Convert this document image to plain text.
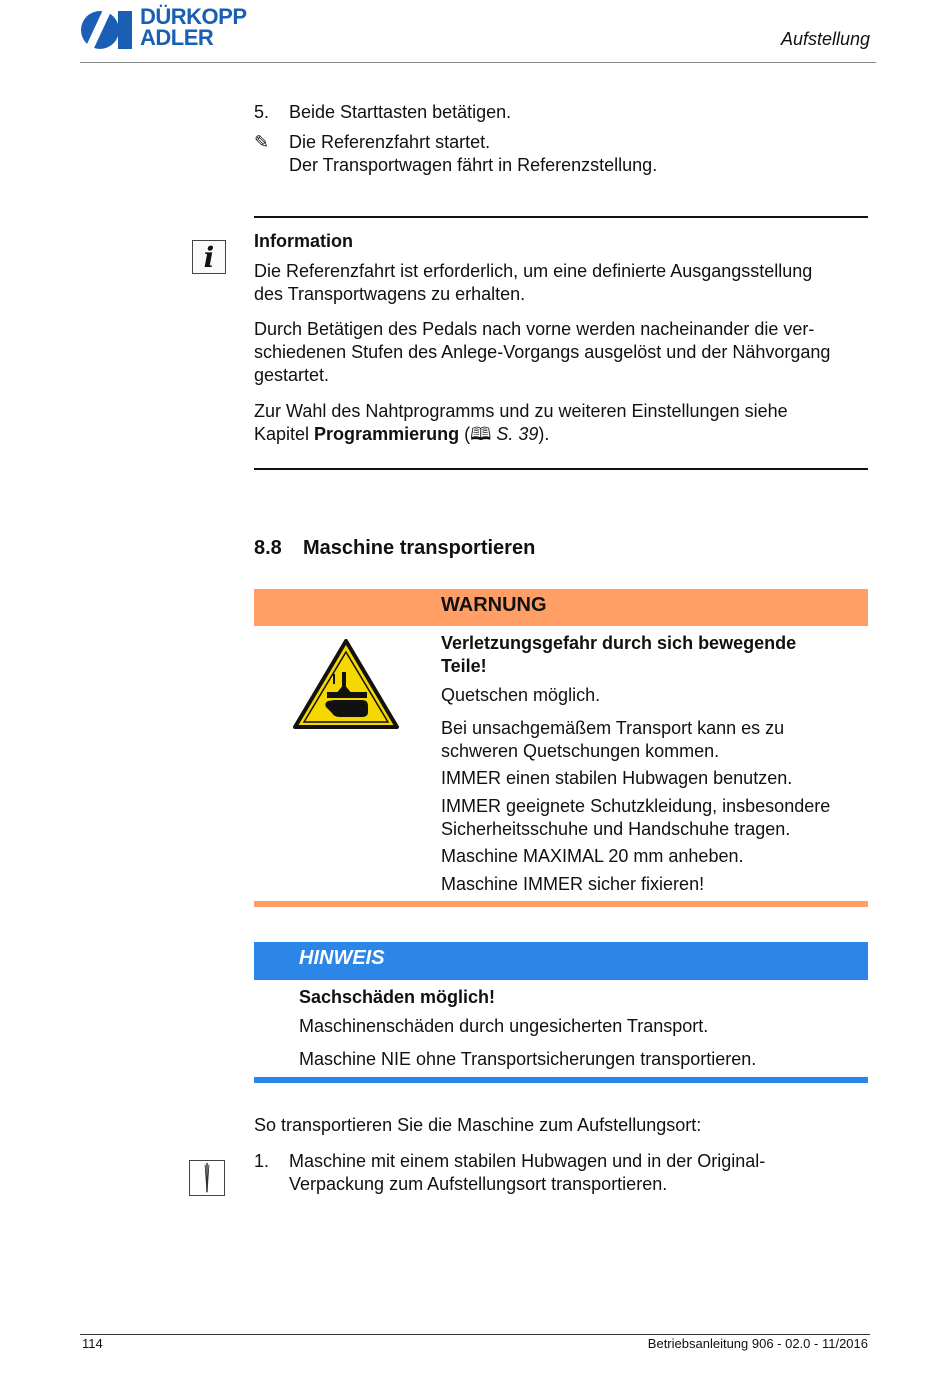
DÜRKOPP
ADLER	Aufstellung
5. Beide Starttasten betätigen.
✎ Die Referenzfahrt startet.
Der Transportwagen fährt in Referenzstellung.
i	Information
Die Referenzfahrt ist erforderlich, um eine definierte Ausgangsstellung
des Transportwagens zu erhalten.
Durch Betätigen des Pedals nach vorne werden nacheinander die ver-
schiedenen Stufen des Anlege-Vorgangs ausgelöst und der Nähvorgang
gestartet.
Zur Wahl des Nahtprogramms und zu weiteren Einstellungen siehe
Kapitel Programmierung (🕮 S. 39).
8.8 Maschine transportieren
WARNUNG
Verletzungsgefahr durch sich bewegende
Teile!
Quetschen möglich.
Bei unsachgemäßem Transport kann es zu
schweren Quetschungen kommen.
IMMER einen stabilen Hubwagen benutzen.
IMMER geeignete Schutzkleidung, insbesondere
Sicherheitsschuhe und Handschuhe tragen.
Maschine MAXIMAL 20 mm anheben.
Maschine IMMER sicher fixieren!
HINWEIS
Sachschäden möglich!
Maschinenschäden durch ungesicherten Transport.
Maschine NIE ohne Transportsicherungen transportieren.
So transportieren Sie die Maschine zum Aufstellungsort:
1. Maschine mit einem stabilen Hubwagen und in der Original-
Verpackung zum Aufstellungsort transportieren.
114	Betriebsanleitung 906 - 02.0 - 11/2016
